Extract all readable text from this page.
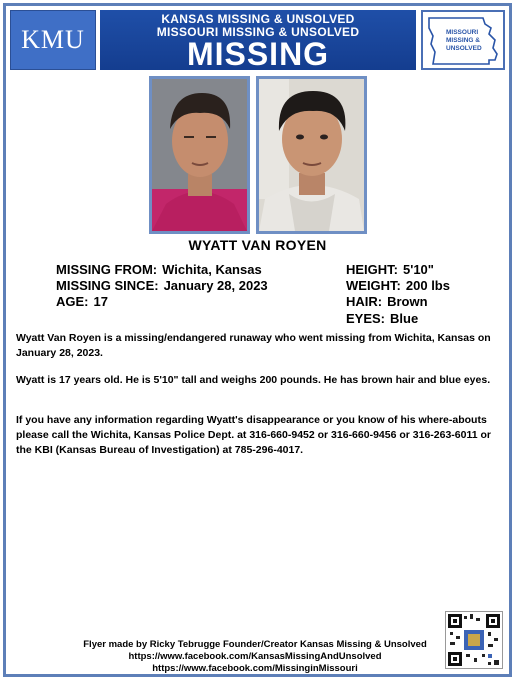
KMU
KANSAS MISSING & UNSOLVED
MISSOURI MISSING & UNSOLVED
MISSING
MISSOURI
MISSING &
UNSOLVED
WYATT VAN ROYEN
MISSING FROM: Wichita, Kansas
MISSING SINCE: January 28, 2023
AGE: 17
HEIGHT: 5'10"
WEIGHT: 200 lbs
HAIR: Brown
EYES: Blue
Wyatt Van Royen is a missing/endangered runaway who went missing from Wichita, Kansas on January 28, 2023.
Wyatt is 17 years old. He is 5'10" tall and weighs 200 pounds. He has brown hair and blue eyes.
If you have any information regarding Wyatt's disappearance or you know of his where-abouts please call the Wichita, Kansas Police Dept. at 316-660-9452 or 316-660-9456 or 316-263-6011 or the KBI (Kansas Bureau of Investigation) at 785-296-4017.
Flyer made by Ricky Tebrugge Founder/Creator Kansas Missing & Unsolved
https://www.facebook.com/KansasMissingAndUnsolved
https://www.facebook.com/MissinginMissouri
